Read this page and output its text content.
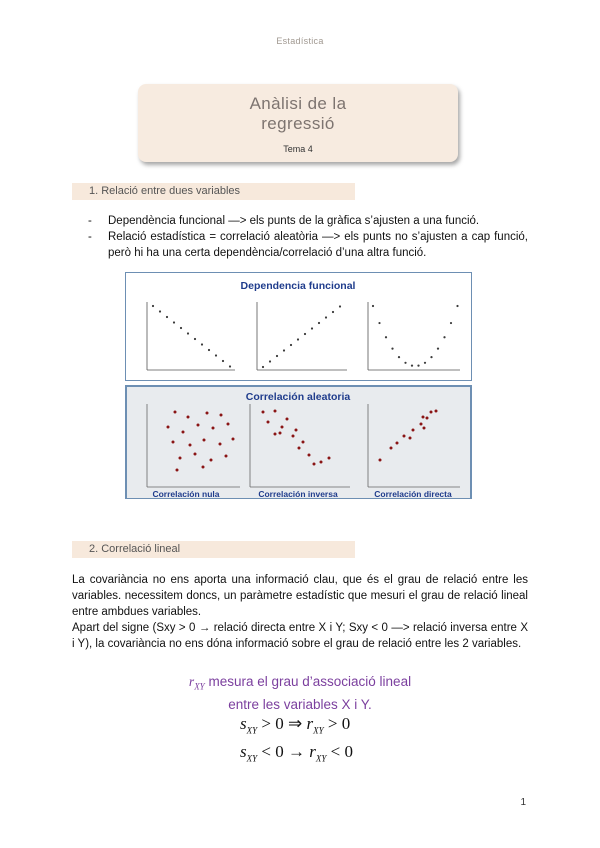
Estadística
Anàlisi de la
regressió
Tema 4
1. Relació entre dues variables
- Dependència funcional —> els punts de la gràfica s’ajusten a una funció.
- Relació estadística = correlació aleatòria —> els punts no s’ajusten a cap funció, però hi ha una certa dependència/correlació d’una altra funció.
Dependencia funcional
Correlación aleatoria
Correlación nula	Correlación inversa	Correlación directa
2. Correlació lineal
La covariància no ens aporta una informació clau, que és el grau de relació entre les variables. necessitem doncs, un paràmetre estadístic que mesuri el grau de relació lineal entre ambdues variables.
Apart del signe (Sxy > 0 → relació directa entre X i Y; Sxy < 0 —> relació inversa entre X i Y), la covariància no ens dóna informació sobre el grau de relació entre les 2 variables.
$r_{XY}$ mesura el grau d’associació lineal
entre les variables X i Y.
$s_{XY} > 0$ ⇒ $r_{XY} > 0$
$s_{XY} < 0 \to r_{XY} < 0$
1
